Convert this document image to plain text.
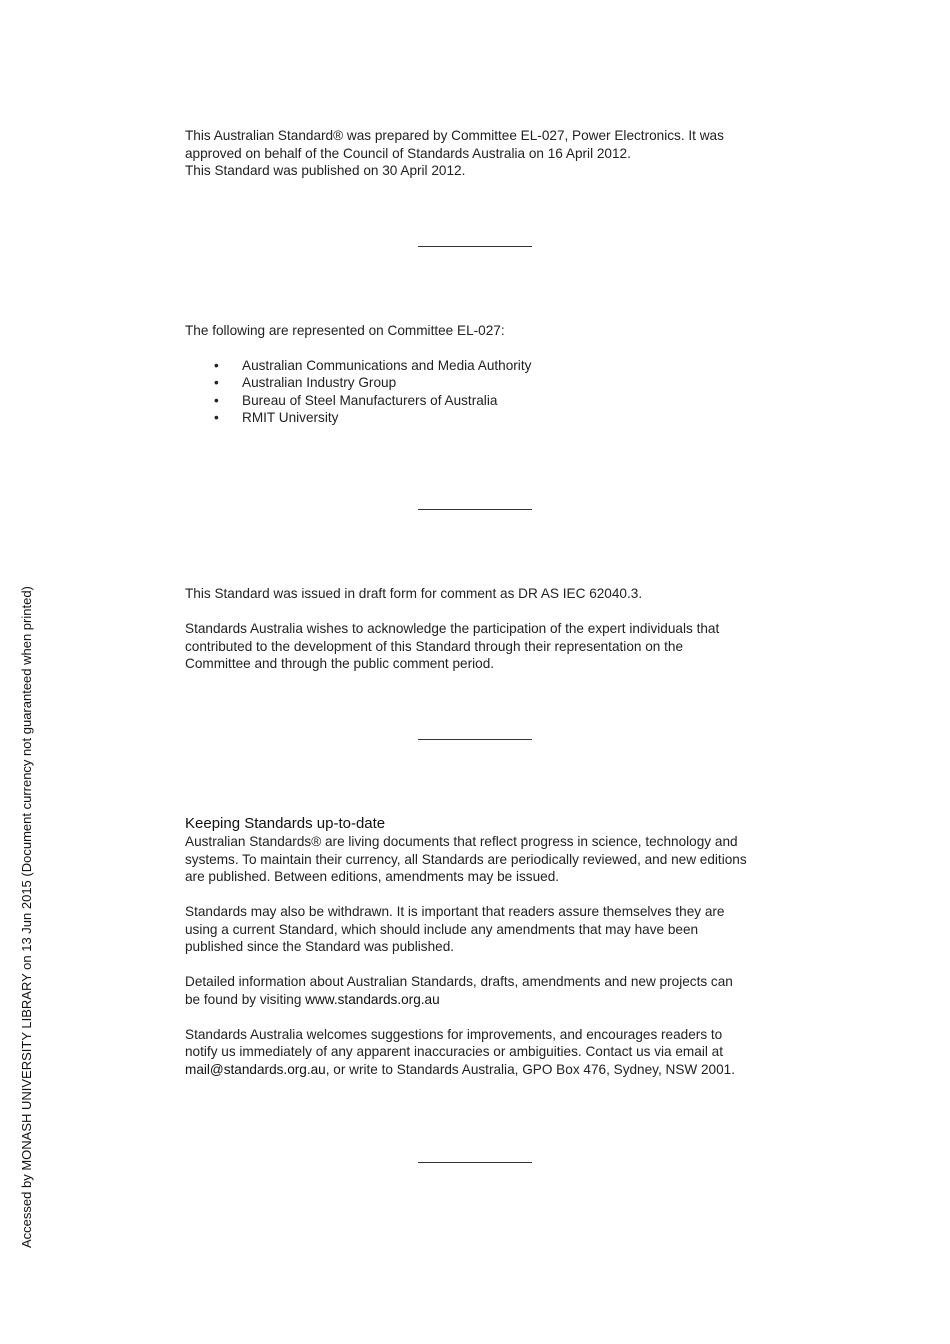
This Australian Standard® was prepared by Committee EL-027, Power Electronics. It was

approved on behalf of the Council of Standards Australia on 16 April 2012.

This Standard was published on 30 April 2012.

The following are represented on Committee EL-027:

• Australian Communications and Media Authority
• Australian Industry Group
• Bureau of Steel Manufacturers of Australia
• RMIT University

This Standard was issued in draft form for comment as DR AS IEC 62040.3.

Standards Australia wishes to acknowledge the participation of the expert individuals that

contributed to the development of this Standard through their representation on the

Committee and through the public comment period.

Keeping Standards up-to-date

Australian Standards® are living documents that reflect progress in science, technology and

systems. To maintain their currency, all Standards are periodically reviewed, and new editions

are published. Between editions, amendments may be issued.

Standards may also be withdrawn. It is important that readers assure themselves they are

using a current Standard, which should include any amendments that may have been

published since the Standard was published.

Detailed information about Australian Standards, drafts, amendments and new projects can

be found by visiting www.standards.org.au

Standards Australia welcomes suggestions for improvements, and encourages readers to

notify us immediately of any apparent inaccuracies or ambiguities. Contact us via email at

mail@standards.org.au, or write to Standards Australia, GPO Box 476, Sydney, NSW 2001.

Accessed by MONASH UNIVERSITY LIBRARY on 13 Jun 2015 (Document currency not guaranteed when printed)
